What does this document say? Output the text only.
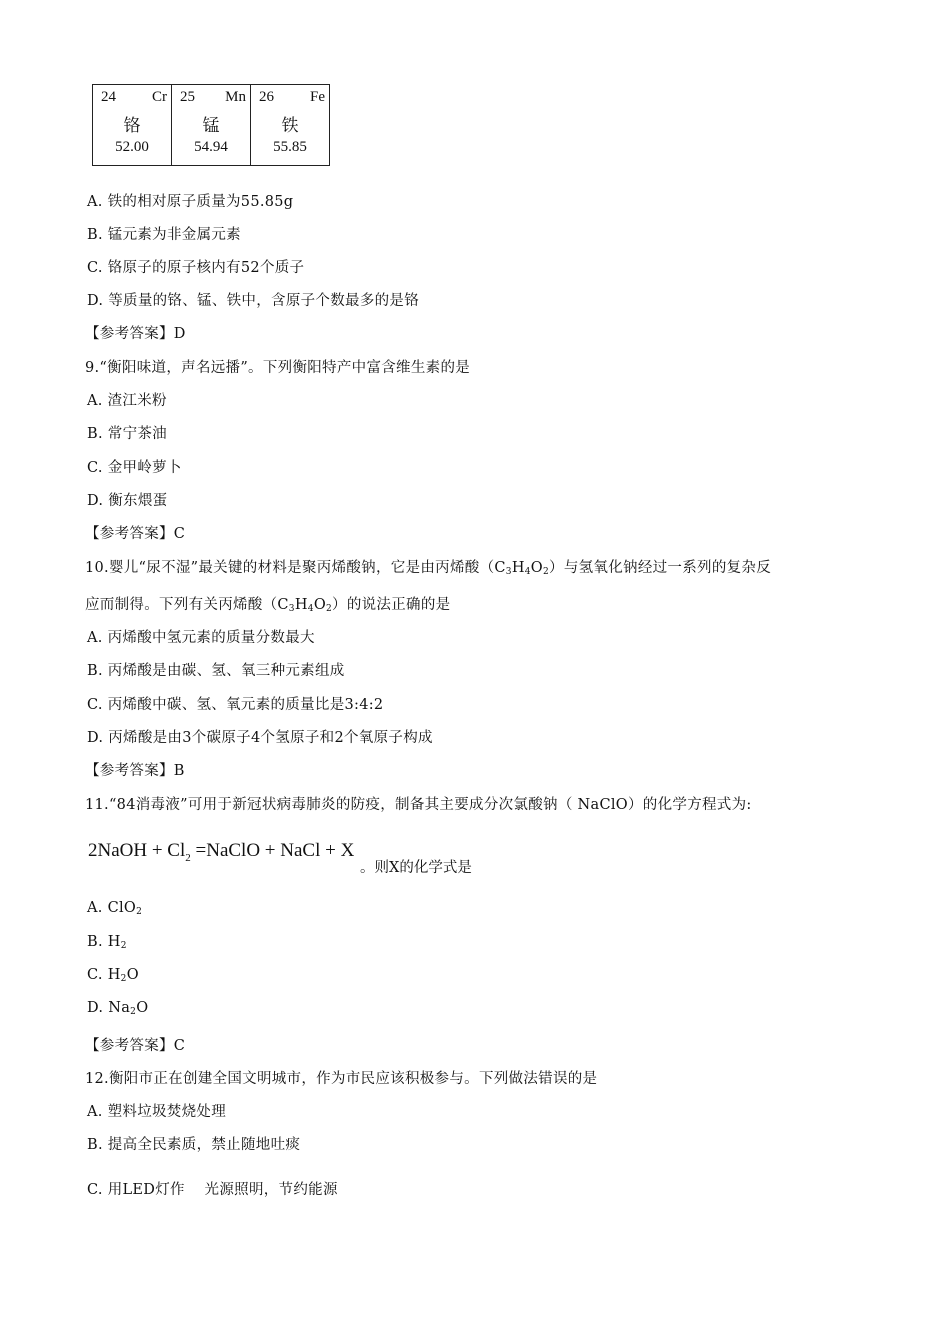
24 Cr
铬
52.00
25 Mn
锰
54.94
26 Fe
铁
55.85
A. 铁的相对原子质量为55.85g
B. 锰元素为非金属元素
C. 铬原子的原子核内有52个质子
D. 等质量的铬、锰、铁中，含原子个数最多的是铬
【参考答案】D
9.“衡阳味道，声名远播”。下列衡阳特产中富含维生素的是
A. 渣江米粉
B. 常宁茶油
C. 金甲岭萝卜
D. 衡东煨蛋
【参考答案】C
10.婴儿“尿不湿”最关键的材料是聚丙烯酸钠，它是由丙烯酸$(C_3H_4O_2)$与氢氧化钠经过一系列的复杂反
应而制得。下列有关丙烯酸$(C_3H_4O_2)$的说法正确的是
A. 丙烯酸中氢元素的质量分数最大
B. 丙烯酸是由碳、氢、氧三种元素组成
C. 丙烯酸中碳、氢、氧元素的质量比是3:4:2
D. 丙烯酸是由3个碳原子4个氢原子和2个氧原子构成
【参考答案】B
11.“84消毒液”可用于新冠状病毒肺炎的防疫，制备其主要成分次氯酸钠（ NaClO）的化学方程式为:
2NaOH + $Cl_2$ =NaClO + NaCl + X
。则X的化学式是
A. ClO$_2$
B. $H_2$
C. $H_2O$
D. $Na_2O$
【参考答案】C
12.衡阳市正在创建全国文明城市，作为市民应该积极参与。下列做法错误的是
A. 塑料垃圾焚烧处理
B. 提高全民素质，禁止随地吐痰
C. 用LED灯作　 光源照明，节约能源
